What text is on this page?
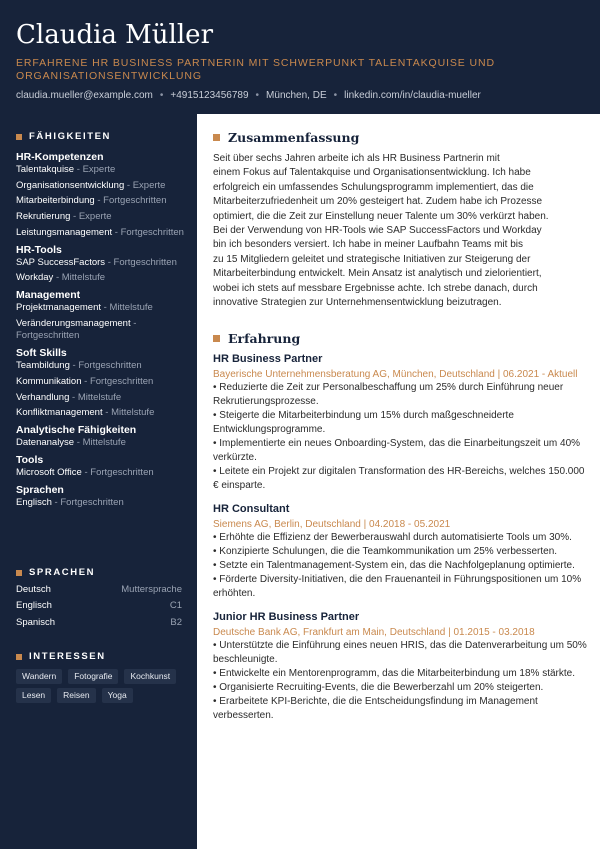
Claudia Müller
ERFAHRENE HR BUSINESS PARTNERIN MIT SCHWERPUNKT TALENTAKQUISE UND ORGANISATIONSENTWICKLUNG
claudia.mueller@example.com • +4915123456789 • München, DE • linkedin.com/in/claudia-mueller
FÄHIGKEITEN
HR-Kompetenzen
Talentakquise - Experte
Organisationsentwicklung - Experte
Mitarbeiterbindung - Fortgeschritten
Rekrutierung - Experte
Leistungsmanagement - Fortgeschritten
HR-Tools
SAP SuccessFactors - Fortgeschritten
Workday - Mittelstufe
Management
Projektmanagement - Mittelstufe
Veränderungsmanagement - Fortgeschritten
Soft Skills
Teambildung - Fortgeschritten
Kommunikation - Fortgeschritten
Verhandlung - Mittelstufe
Konfliktmanagement - Mittelstufe
Analytische Fähigkeiten
Datenanalyse - Mittelstufe
Tools
Microsoft Office - Fortgeschritten
Sprachen
Englisch - Fortgeschritten
SPRACHEN
Deutsch	Muttersprache
Englisch	C1
Spanisch	B2
INTERESSEN
Wandern	Fotografie	Kochkunst
Lesen	Reisen	Yoga
Zusammenfassung
Seit über sechs Jahren arbeite ich als HR Business Partnerin mit
einem Fokus auf Talentakquise und Organisationsentwicklung. Ich habe
erfolgreich ein umfassendes Schulungsprogramm implementiert, das die
Mitarbeiterzufriedenheit um 20% gesteigert hat. Zudem habe ich Prozesse
optimiert, die die Zeit zur Einstellung neuer Talente um 30% verkürzt haben.
Bei der Verwendung von HR-Tools wie SAP SuccessFactors und Workday
bin ich besonders versiert. Ich habe in meiner Laufbahn Teams mit bis
zu 15 Mitgliedern geleitet und strategische Initiativen zur Steigerung der
Mitarbeiterbindung entwickelt. Mein Ansatz ist analytisch und zielorientiert,
wobei ich stets auf messbare Ergebnisse achte. Ich strebe danach, durch
innovative Strategien zur Unternehmensentwicklung beizutragen.
Erfahrung
HR Business Partner
Bayerische Unternehmensberatung AG, München, Deutschland | 06.2021 - Aktuell
• Reduzierte die Zeit zur Personalbeschaffung um 25% durch Einführung neuer Rekrutierungsprozesse.
• Steigerte die Mitarbeiterbindung um 15% durch maßgeschneiderte Entwicklungsprogramme.
• Implementierte ein neues Onboarding-System, das die Einarbeitungszeit um 40% verkürzte.
• Leitete ein Projekt zur digitalen Transformation des HR-Bereichs, welches 150.000 € einsparte.
HR Consultant
Siemens AG, Berlin, Deutschland | 04.2018 - 05.2021
• Erhöhte die Effizienz der Bewerberauswahl durch automatisierte Tools um 30%.
• Konzipierte Schulungen, die die Teamkommunikation um 25% verbesserten.
• Setzte ein Talentmanagement-System ein, das die Nachfolgeplanung optimierte.
• Förderte Diversity-Initiativen, die den Frauenanteil in Führungspositionen um 10% erhöhten.
Junior HR Business Partner
Deutsche Bank AG, Frankfurt am Main, Deutschland | 01.2015 - 03.2018
• Unterstützte die Einführung eines neuen HRIS, das die Datenverarbeitung um 50% beschleunigte.
• Entwickelte ein Mentorenprogramm, das die Mitarbeiterbindung um 18% stärkte.
• Organisierte Recruiting-Events, die die Bewerberzahl um 20% steigerten.
• Erarbeitete KPI-Berichte, die die Entscheidungsfindung im Management verbesserten.
